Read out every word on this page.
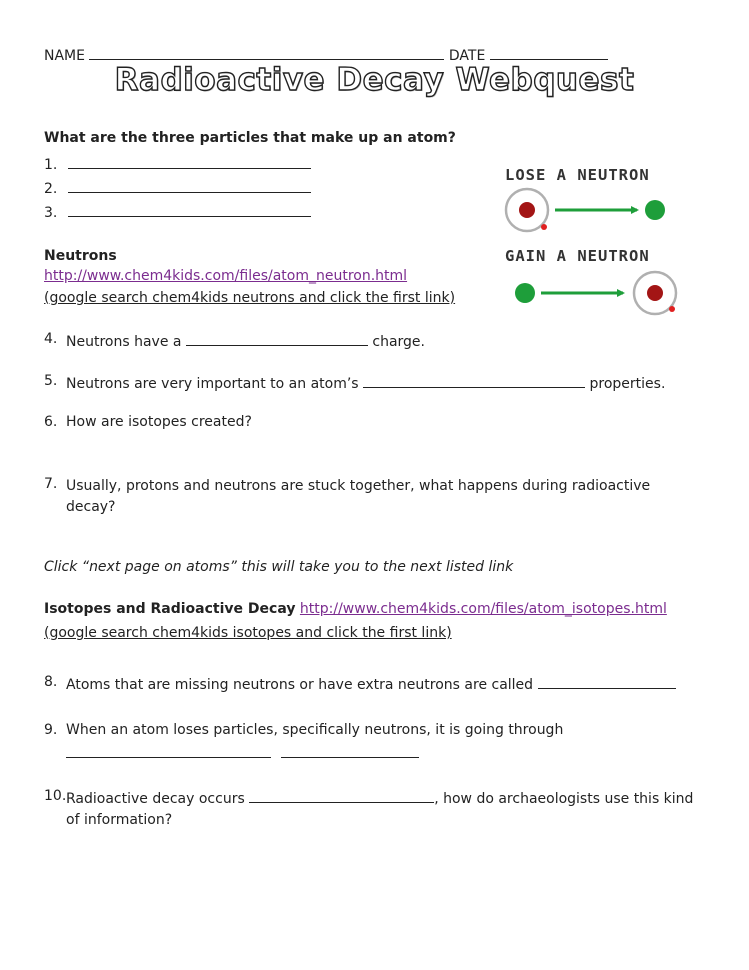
NAME	DATE
Radioactive Decay Webquest
What are the three particles that make up an atom?
1.
2.
3.
Neutrons
http://www.chem4kids.com/files/atom_neutron.html
(google search chem4kids neutrons and click the first link)
LOSE A NEUTRON
GAIN A NEUTRON
4. Neutrons have a	charge.
5. Neutrons are very important to an atom’s	properties.
6. How are isotopes created?
7. Usually, protons and neutrons are stuck together, what happens during radioactive decay?
Click “next page on atoms” this will take you to the next listed link
Isotopes and Radioactive Decay http://www.chem4kids.com/files/atom_isotopes.html
(google search chem4kids isotopes and click the first link)
8. Atoms that are missing neutrons or have extra neutrons are called
9. When an atom loses particles, specifically neutrons, it is going through

10. Radioactive decay occurs	, how do archaeologists use this kind of information?
